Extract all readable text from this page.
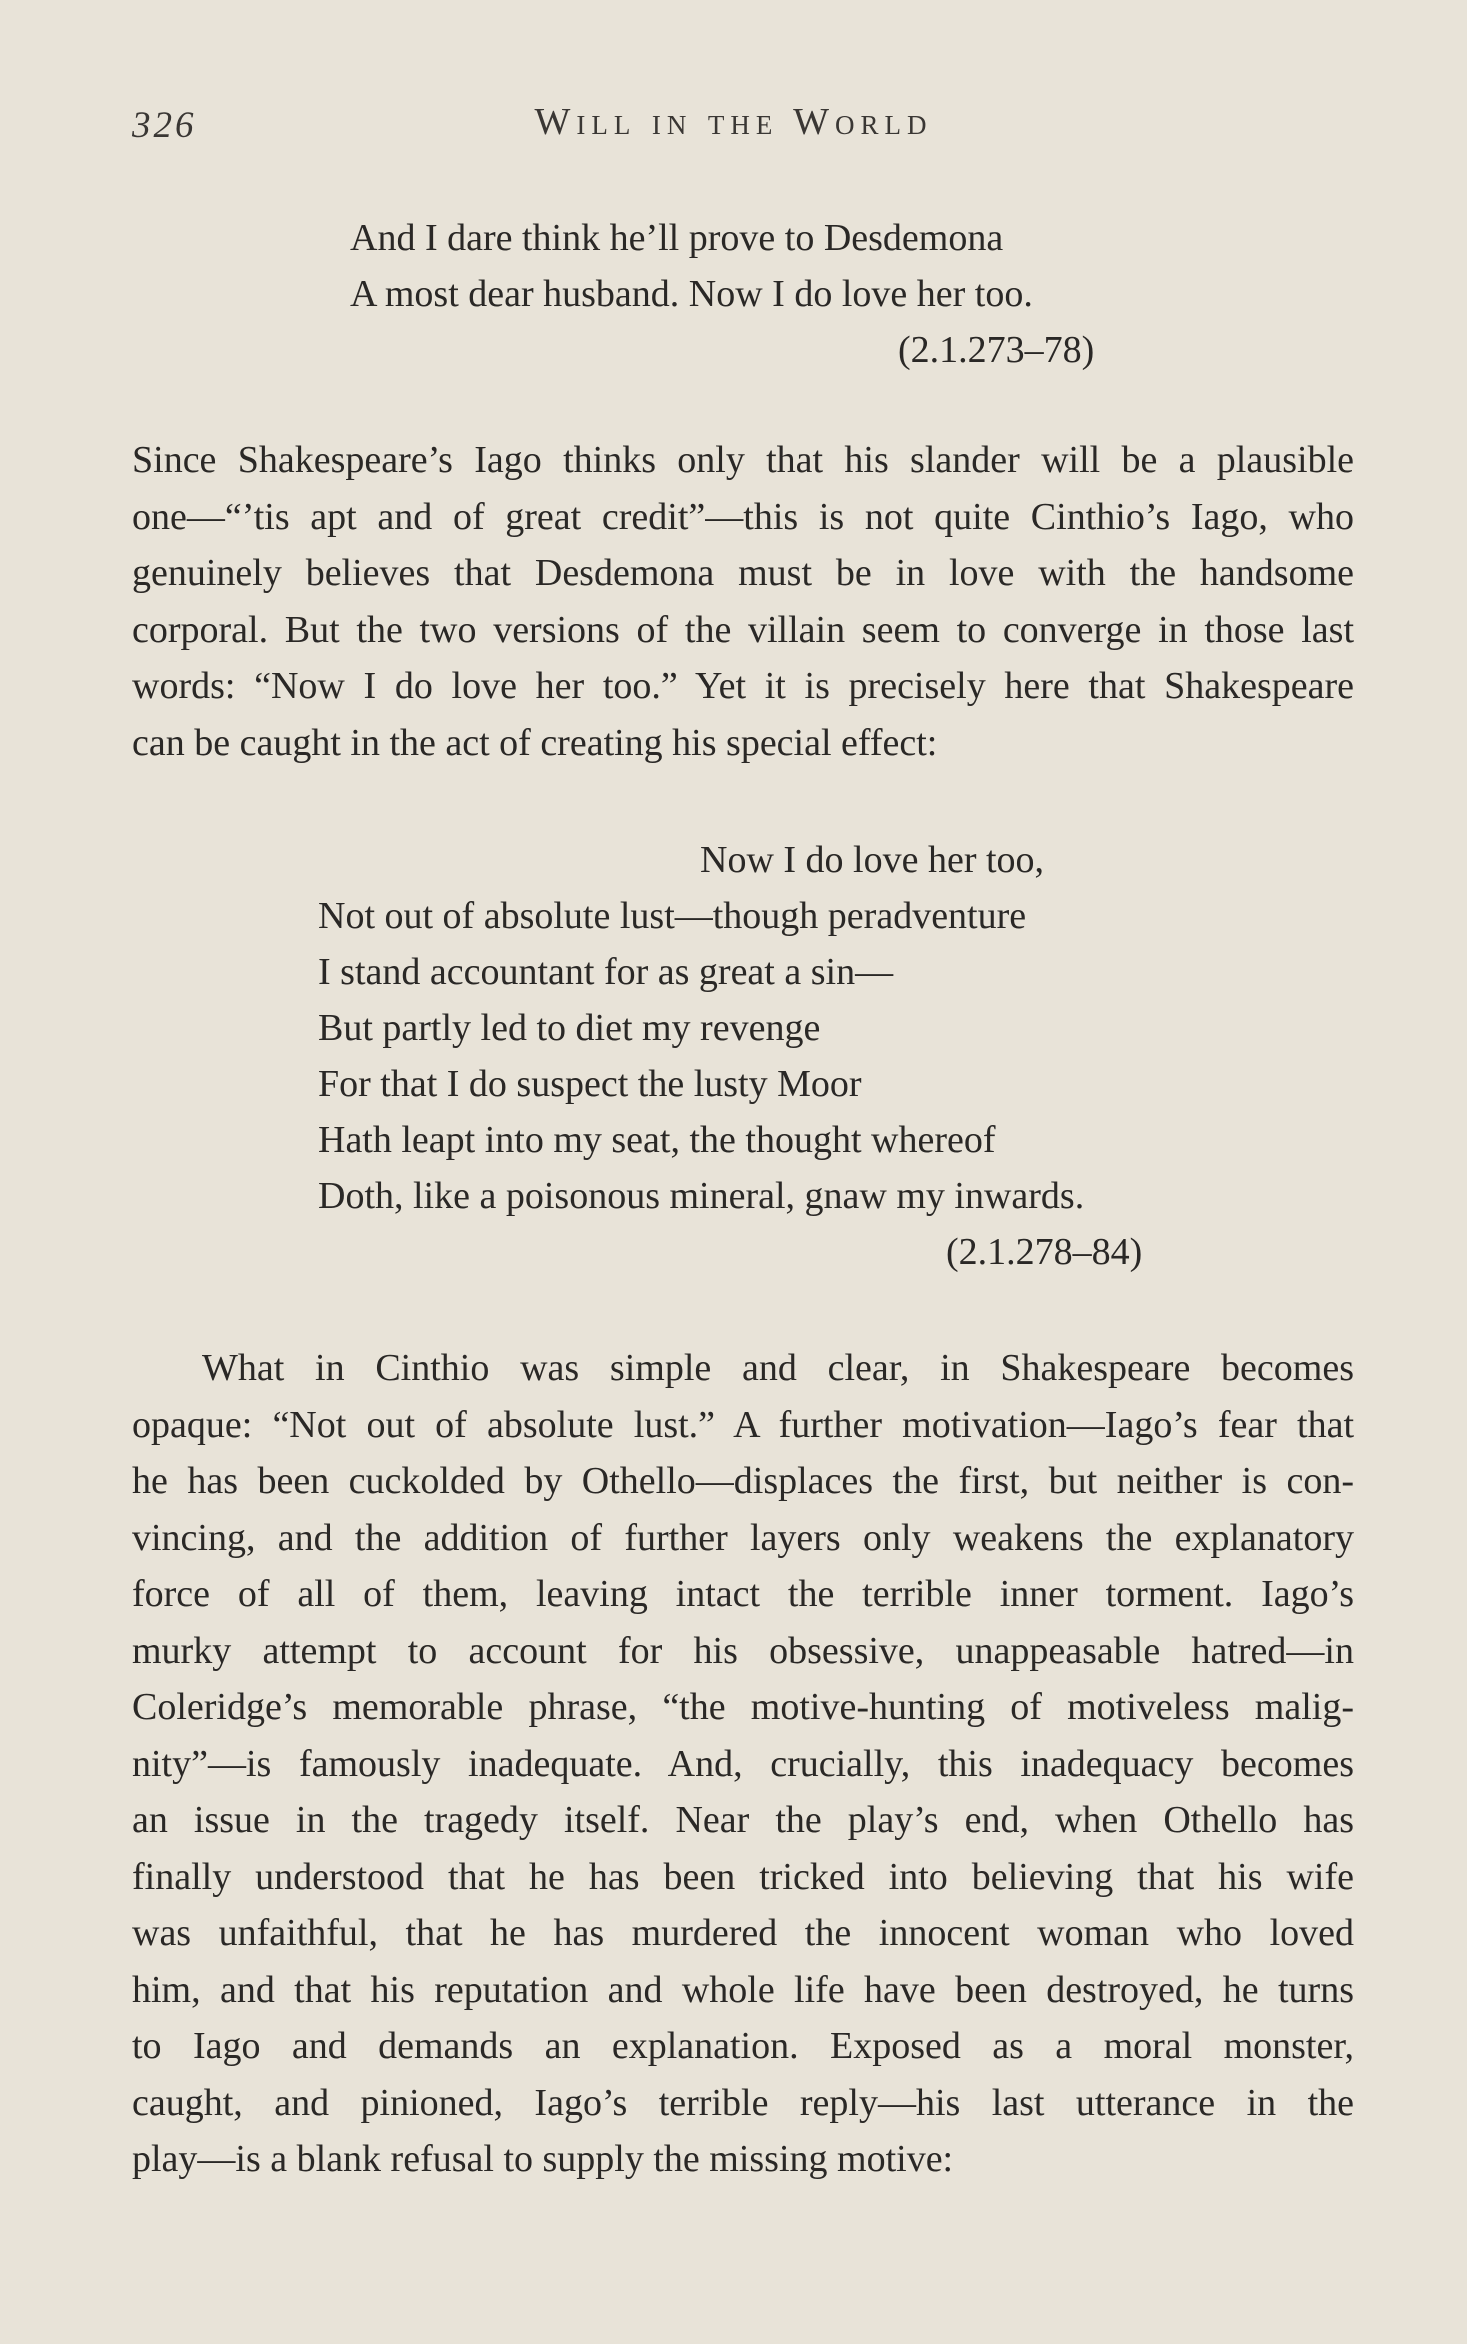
326	Will in the World
And I dare think he’ll prove to Desdemona
A most dear husband. Now I do love her too.
(2.1.273–78)
Since Shakespeare’s Iago thinks only that his slander will be a plausible
one—“’tis apt and of great credit”—this is not quite Cinthio’s Iago, who
genuinely believes that Desdemona must be in love with the handsome
corporal. But the two versions of the villain seem to converge in those last
words: “Now I do love her too.” Yet it is precisely here that Shakespeare
can be caught in the act of creating his special effect:
Now I do love her too,
Not out of absolute lust—though peradventure
I stand accountant for as great a sin—
But partly led to diet my revenge
For that I do suspect the lusty Moor
Hath leapt into my seat, the thought whereof
Doth, like a poisonous mineral, gnaw my inwards.
(2.1.278–84)
What in Cinthio was simple and clear, in Shakespeare becomes
opaque: “Not out of absolute lust.” A further motivation—Iago’s fear that
he has been cuckolded by Othello—displaces the first, but neither is con-
vincing, and the addition of further layers only weakens the explanatory
force of all of them, leaving intact the terrible inner torment. Iago’s
murky attempt to account for his obsessive, unappeasable hatred—in
Coleridge’s memorable phrase, “the motive-hunting of motiveless malig-
nity”—is famously inadequate. And, crucially, this inadequacy becomes
an issue in the tragedy itself. Near the play’s end, when Othello has
finally understood that he has been tricked into believing that his wife
was unfaithful, that he has murdered the innocent woman who loved
him, and that his reputation and whole life have been destroyed, he turns
to Iago and demands an explanation. Exposed as a moral monster,
caught, and pinioned, Iago’s terrible reply—his last utterance in the
play—is a blank refusal to supply the missing motive:
